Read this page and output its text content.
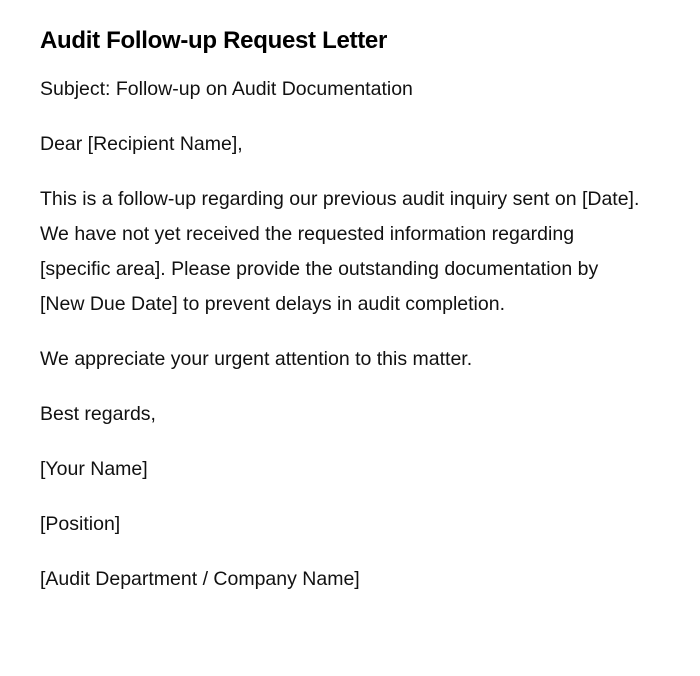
Audit Follow-up Request Letter

Subject: Follow-up on Audit Documentation

Dear [Recipient Name],

This is a follow-up regarding our previous audit inquiry sent on [Date]. We have not yet received the requested information regarding [specific area]. Please provide the outstanding documentation by [New Due Date] to prevent delays in audit completion.

We appreciate your urgent attention to this matter.

Best regards,

[Your Name]

[Position]

[Audit Department / Company Name]
